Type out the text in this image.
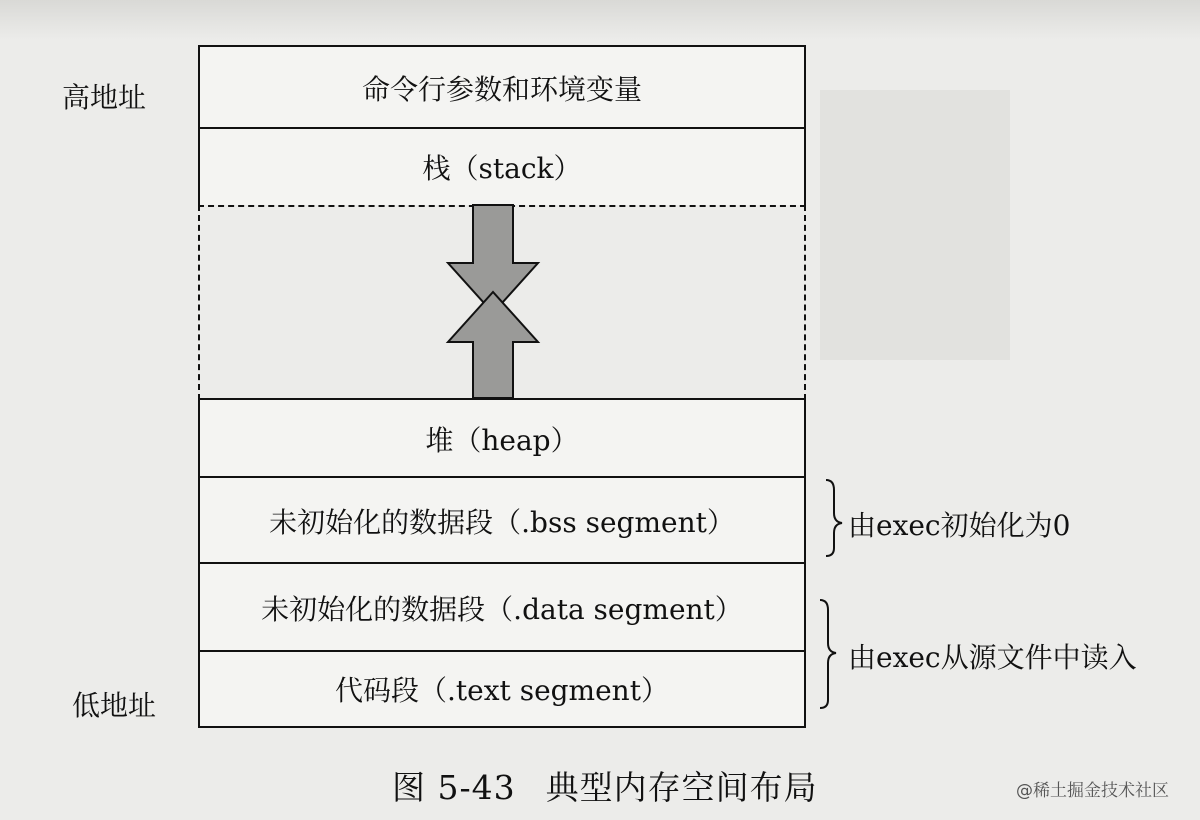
高地址
低地址
命令行参数和环境变量
栈（stack）
堆（heap）
未初始化的数据段（.bss segment）
未初始化的数据段（.data segment）
代码段（.text segment）
由exec初始化为0
由exec从源文件中读入
图 5-43 典型内存空间布局	@稀土掘金技术社区
